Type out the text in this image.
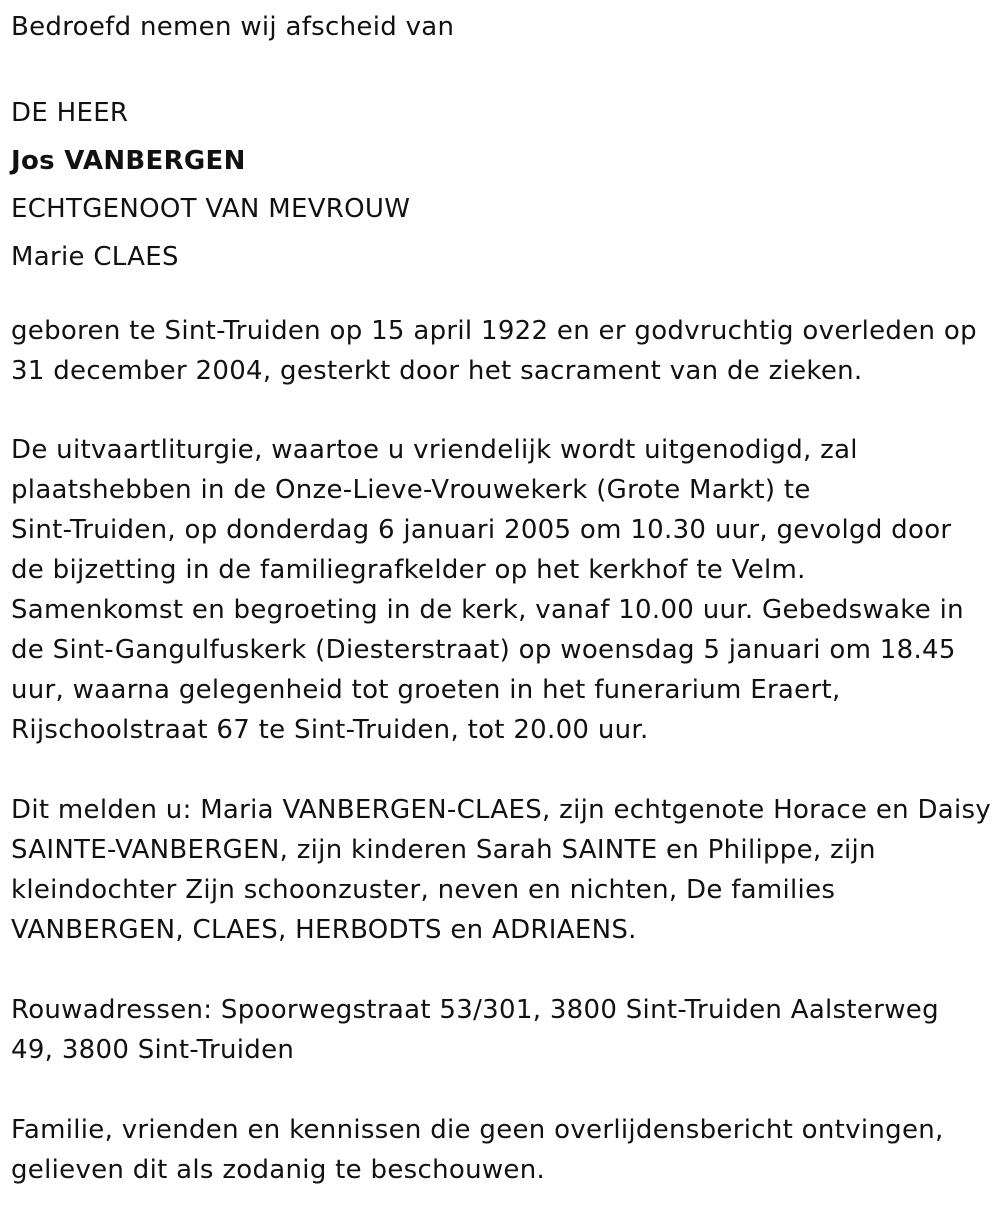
Bedroefd nemen wij afscheid van
DE HEER
Jos VANBERGEN
ECHTGENOOT VAN MEVROUW
Marie CLAES
geboren te Sint-Truiden op 15 april 1922 en er godvruchtig overleden op
31 december 2004, gesterkt door het sacrament van de zieken.
De uitvaartliturgie, waartoe u vriendelijk wordt uitgenodigd, zal
plaatshebben in de Onze-Lieve-Vrouwekerk (Grote Markt) te
Sint-Truiden, op donderdag 6 januari 2005 om 10.30 uur, gevolgd door
de bijzetting in de familiegrafkelder op het kerkhof te Velm.
Samenkomst en begroeting in de kerk, vanaf 10.00 uur. Gebedswake in
de Sint-Gangulfuskerk (Diesterstraat) op woensdag 5 januari om 18.45
uur, waarna gelegenheid tot groeten in het funerarium Eraert,
Rijschoolstraat 67 te Sint-Truiden, tot 20.00 uur.
Dit melden u: Maria VANBERGEN-CLAES, zijn echtgenote Horace en Daisy
SAINTE-VANBERGEN, zijn kinderen Sarah SAINTE en Philippe, zijn
kleindochter Zijn schoonzuster, neven en nichten, De families
VANBERGEN, CLAES, HERBODTS en ADRIAENS.
Rouwadressen: Spoorwegstraat 53/301, 3800 Sint-Truiden Aalsterweg
49, 3800 Sint-Truiden
Familie, vrienden en kennissen die geen overlijdensbericht ontvingen,
gelieven dit als zodanig te beschouwen.
